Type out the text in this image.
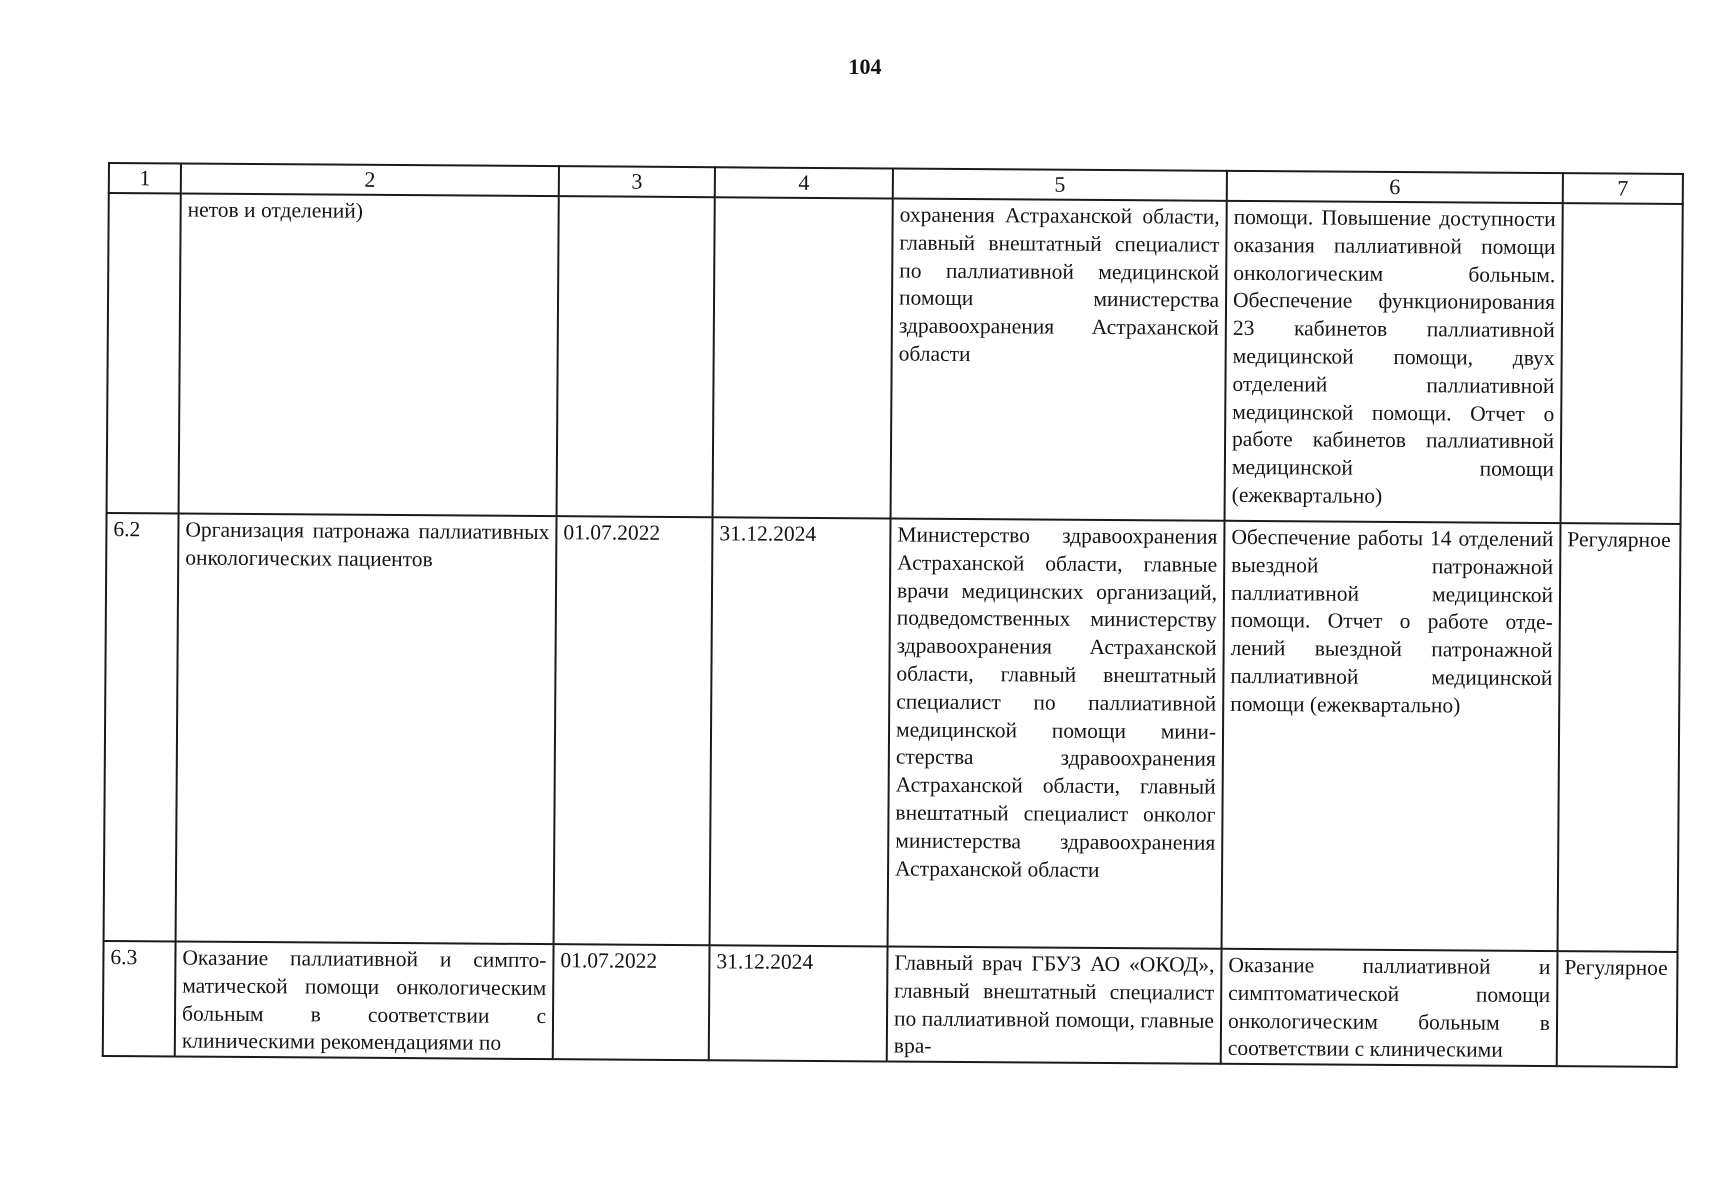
104
1	2	3	4	5	6	7
	нетов и отделений)			охранения Астраханской области, главный внештатный специалист по паллиативной медицинской помощи министерства здравоохранения Астраханской области	помощи. Повышение доступности оказания паллиативной помощи онкологическим больным. Обеспечение функционирования 23 кабинетов паллиативной медицинской помощи, двух отделений паллиативной медицинской помощи. Отчет о работе кабинетов паллиативной медицинской помощи (ежеквартально)	
6.2	Организация патронажа паллиативных онкологических пациентов	01.07.2022	31.12.2024	Министерство здравоохранения Астраханской области, главные врачи медицинских организаций, подведомственных министерству здравоохранения Астраханской области, главный внештатный специалист по паллиативной медицинской помощи министерства здравоохранения Астраханской области, главный внештатный специалист онколог министерства здравоохранения Астраханской области	Обеспечение работы 14 отделений выездной патронажной паллиативной медицинской помощи. Отчет о работе отделений выездной патронажной паллиативной медицинской помощи (ежеквартально)	Регулярное
6.3	Оказание паллиативной и симптоматической помощи онкологическим больным в соответствии с клиническими рекомендациями по	01.07.2022	31.12.2024	Главный врач ГБУЗ АО «ОКОД», главный внештатный специалист по паллиативной помощи, главные вра-	Оказание паллиативной и симптоматической помощи онкологическим больным в соответствии с клиническими	Регулярное
